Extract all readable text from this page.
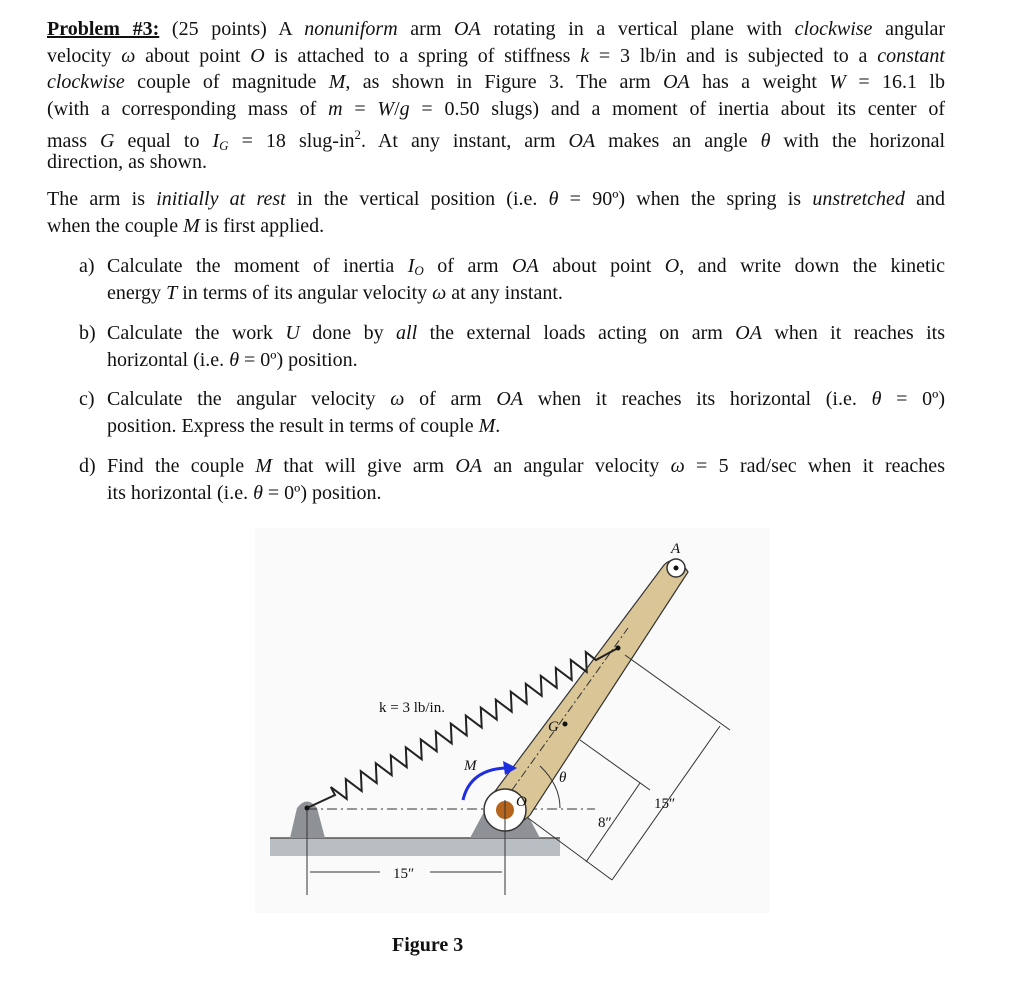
Problem #3: (25 points) A nonuniform arm OA rotating in a vertical plane with clockwise angular
velocity ω about point O is attached to a spring of stiffness k = 3 lb/in and is subjected to a constant
clockwise couple of magnitude M, as shown in Figure 3. The arm OA has a weight W = 16.1 lb
(with a corresponding mass of m = W/g = 0.50 slugs) and a moment of inertia about its center of
mass G equal to IG = 18 slug-$in^2$. At any instant, arm OA makes an angle θ with the horizonal
direction, as shown.
The arm is initially at rest in the vertical position (i.e. θ = 90º) when the spring is unstretched and
when the couple M is first applied.
a) Calculate the moment of inertia IO of arm OA about point O, and write down the kinetic
energy T in terms of its angular velocity ω at any instant.
b) Calculate the work U done by all the external loads acting on arm OA when it reaches its
horizontal (i.e. θ = 0º) position.
c) Calculate the angular velocity ω of arm OA when it reaches its horizontal (i.e. θ = 0º)
position. Express the result in terms of couple M.
d) Find the couple M that will give arm OA an angular velocity ω = 5 rad/sec when it reaches
its horizontal (i.e. θ = 0º) position.
A
G
O
M
θ
k = 3 lb/in.
8″
15″
15″
Figure 3
